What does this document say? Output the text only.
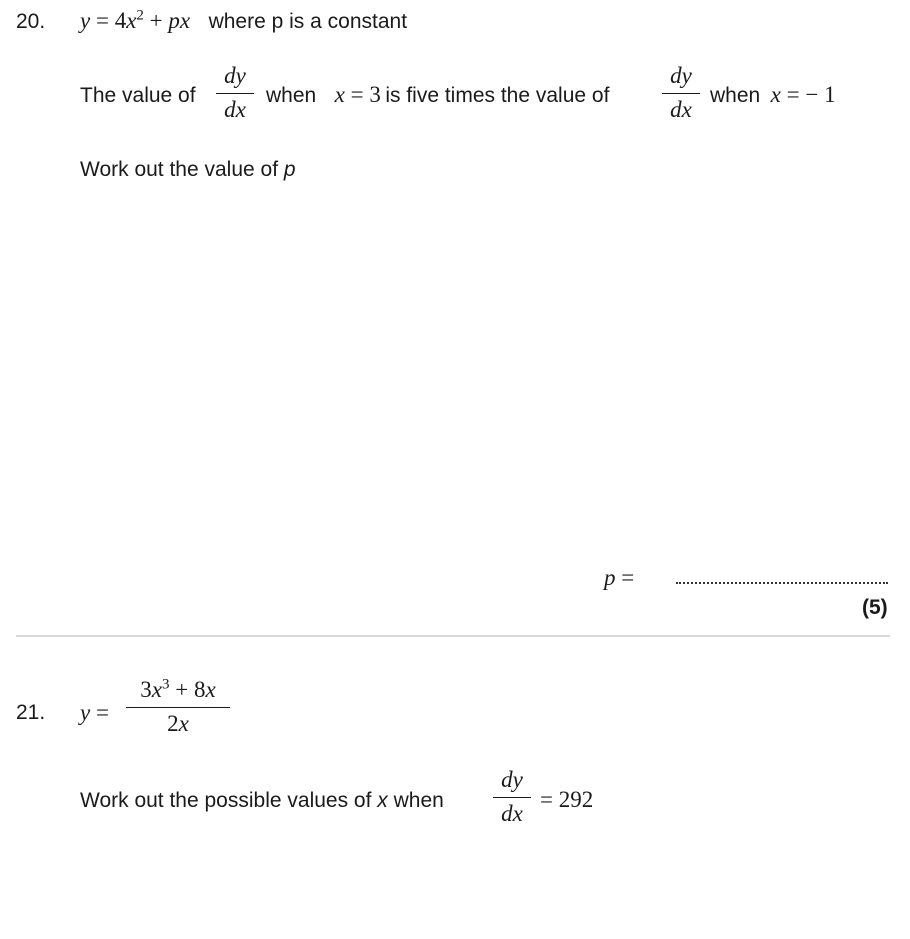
20. $y = 4x^2$ + px where p is a constant
The value of
dy
dx
when x = 3 is five times the value of
dy
dx
when x = − 1
Work out the value of p
p =
(5)
21. y =
$3x^3 + 8x$
2x
Work out the possible values of x when
dy
dx
= 292
